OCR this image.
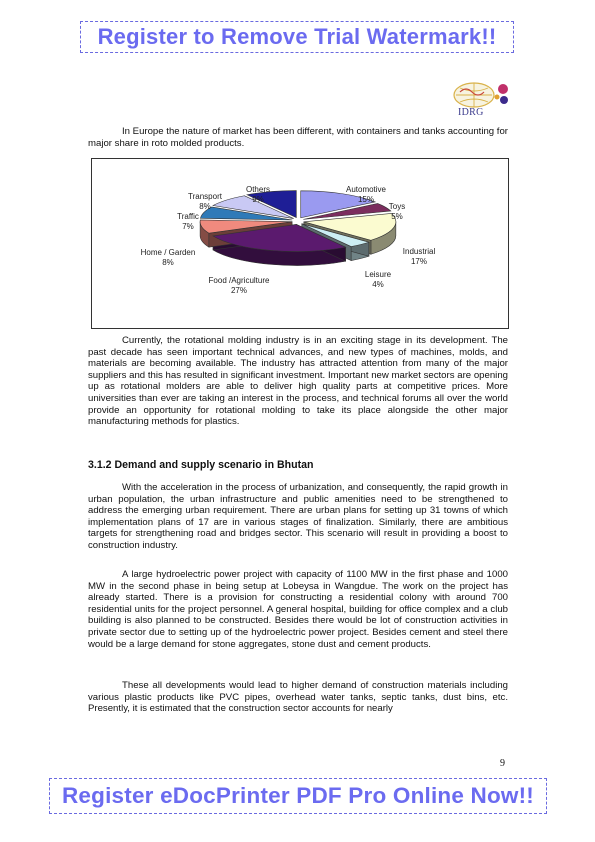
Register to Remove Trial Watermark!!
IDRG

In Europe the nature of market has been different, with containers and tanks accounting for major share in roto molded products.

Automotive
15%
Toys
5%
Industrial
17%
Leisure
4%
Food /Agriculture
27%
Home / Garden
8%
Traffic
7%
Transport
8%
Others
9%

Currently, the rotational molding industry is in an exciting stage in its development. The past decade has seen important technical advances, and new types of machines, molds, and materials are becoming available. The industry has attracted attention from many of the major suppliers and this has resulted in significant investment. Important new market sectors are opening up as rotational molders are able to deliver high quality parts at competitive prices. More universities than ever are taking an interest in the process, and technical forums all over the world provide an opportunity for rotational molding to take its place alongside the other major manufacturing methods for plastics.

3.1.2 Demand and supply scenario in Bhutan

With the acceleration in the process of urbanization, and consequently, the rapid growth in urban population, the urban infrastructure and public amenities need to be strengthened to address the emerging urban requirement. There are urban plans for setting up 31 towns of which implementation plans of 17 are in various stages of finalization. Similarly, there are ambitious targets for strengthening road and bridges sector. This scenario will result in providing a boost to construction industry.

A large hydroelectric power project with capacity of 1100 MW in the first phase and 1000 MW in the second phase in being setup at Lobeysa in Wangdue. The work on the project has already started. There is a provision for constructing a residential colony with around 700 residential units for the project personnel. A general hospital, building for office complex and a club building is also planned to be constructed. Besides there would be lot of construction activities in private sector due to setting up of the hydroelectric power project. Besides cement and steel there would be a large demand for stone aggregates, stone dust and cement products.

These all developments would lead to higher demand of construction materials including various plastic products like PVC pipes, overhead water tanks, septic tanks, dust bins, etc. Presently, it is estimated that the construction sector accounts for nearly

9
Register eDocPrinter PDF Pro Online Now!!
